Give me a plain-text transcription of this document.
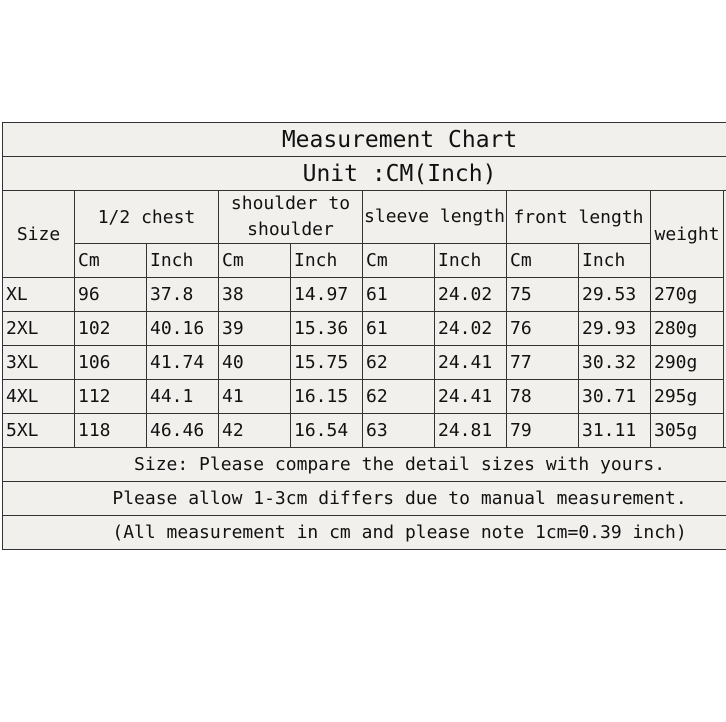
Measurement Chart									
Unit :CM(Inch)									
Size	1/2 chest		shoulder to shoulder		sleeve length		front length		weight
	Cm	Inch	Cm	Inch	Cm	Inch	Cm	Inch	
XL	96	37.8	38	14.97	61	24.02	75	29.53	270g
2XL	102	40.16	39	15.36	61	24.02	76	29.93	280g
3XL	106	41.74	40	15.75	62	24.41	77	30.32	290g
4XL	112	44.1	41	16.15	62	24.41	78	30.71	295g
5XL	118	46.46	42	16.54	63	24.81	79	31.11	305g
Size: Please compare the detail sizes with yours.									
Please allow 1-3cm differs due to manual measurement.									
(All measurement in cm and please note 1cm=0.39 inch)									
